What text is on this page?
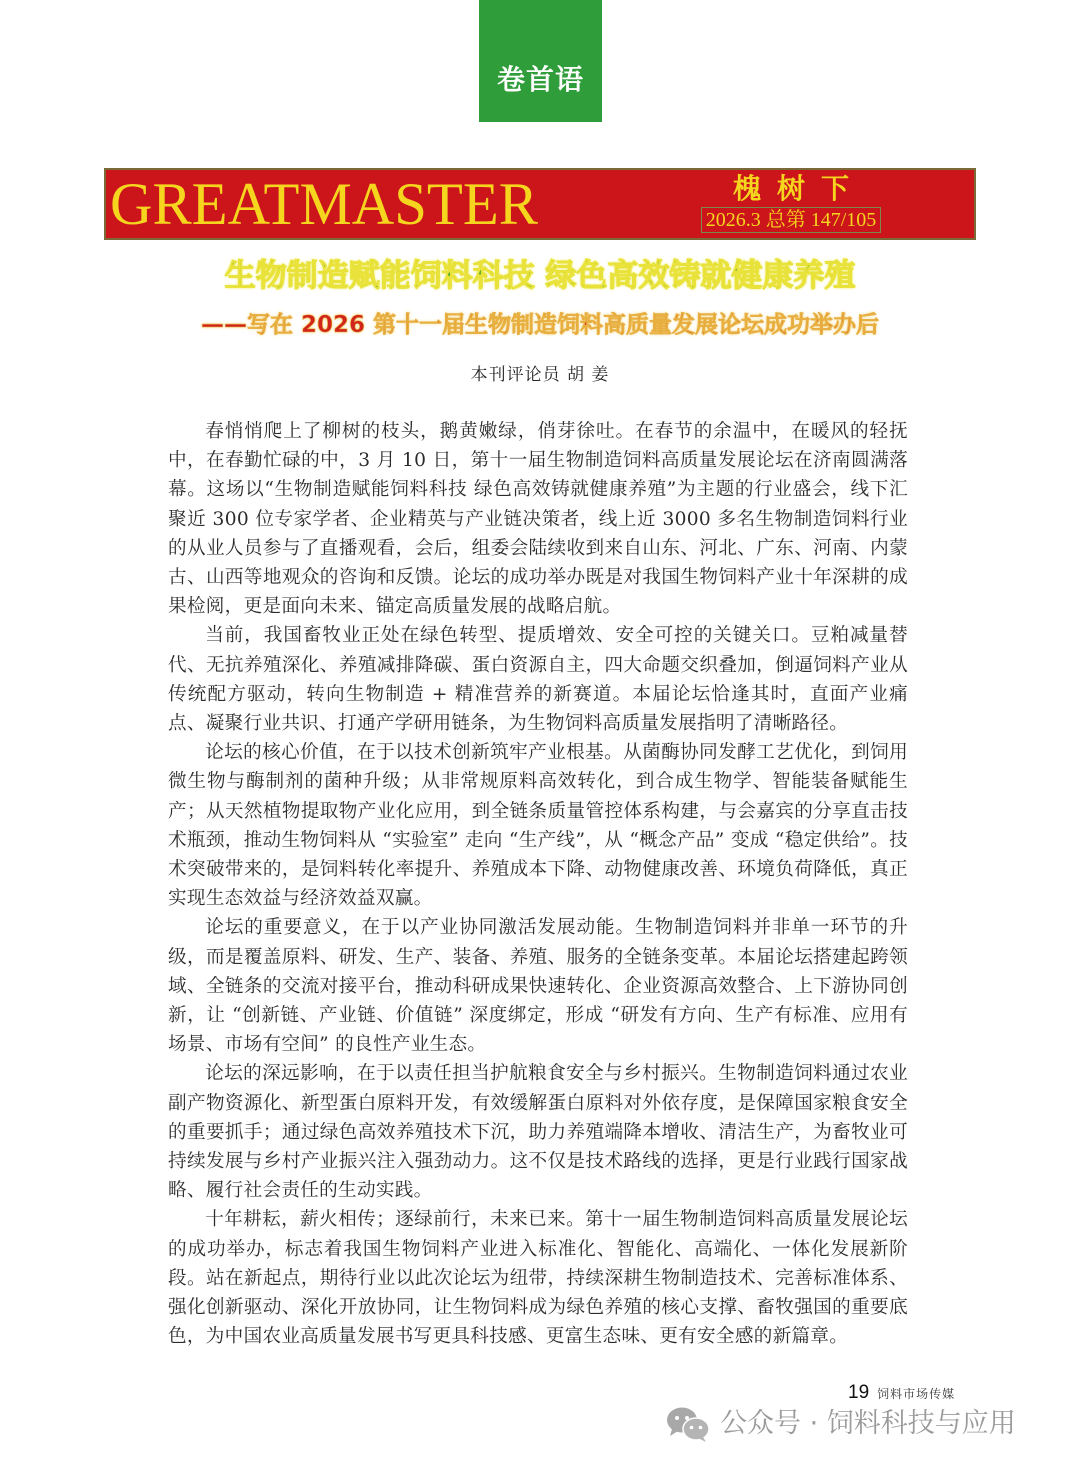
卷首语
GREATMASTER	槐树下
2026.3 总第 147/105
生物制造赋能饲料科技 绿色高效铸就健康养殖
——写在 2026 第十一届生物制造饲料高质量发展论坛成功举办后
本刊评论员 胡 姜

春悄悄爬上了柳树的枝头，鹅黄嫩绿，俏芽徐吐。在春节的余温中，在暖风的轻抚中，在春勤忙碌的中，3 月 10 日，第十一届生物制造饲料高质量发展论坛在济南圆满落幕。这场以“生物制造赋能饲料科技 绿色高效铸就健康养殖”为主题的行业盛会，线下汇聚近 300 位专家学者、企业精英与产业链决策者，线上近 3000 多名生物制造饲料行业的从业人员参与了直播观看，会后，组委会陆续收到来自山东、河北、广东、河南、内蒙古、山西等地观众的咨询和反馈。论坛的成功举办既是对我国生物饲料产业十年深耕的成果检阅，更是面向未来、锚定高质量发展的战略启航。

当前，我国畜牧业正处在绿色转型、提质增效、安全可控的关键关口。豆粕减量替代、无抗养殖深化、养殖减排降碳、蛋白资源自主，四大命题交织叠加，倒逼饲料产业从传统配方驱动，转向生物制造 + 精准营养的新赛道。本届论坛恰逢其时，直面产业痛点、凝聚行业共识、打通产学研用链条，为生物饲料高质量发展指明了清晰路径。

论坛的核心价值，在于以技术创新筑牢产业根基。从菌酶协同发酵工艺优化，到饲用微生物与酶制剂的菌种升级；从非常规原料高效转化，到合成生物学、智能装备赋能生产；从天然植物提取物产业化应用，到全链条质量管控体系构建，与会嘉宾的分享直击技术瓶颈，推动生物饲料从 “实验室” 走向 “生产线”，从 “概念产品” 变成 “稳定供给”。技术突破带来的，是饲料转化率提升、养殖成本下降、动物健康改善、环境负荷降低，真正实现生态效益与经济效益双赢。

论坛的重要意义，在于以产业协同激活发展动能。生物制造饲料并非单一环节的升级，而是覆盖原料、研发、生产、装备、养殖、服务的全链条变革。本届论坛搭建起跨领域、全链条的交流对接平台，推动科研成果快速转化、企业资源高效整合、上下游协同创新，让 “创新链、产业链、价值链” 深度绑定，形成 “研发有方向、生产有标准、应用有场景、市场有空间” 的良性产业生态。

论坛的深远影响，在于以责任担当护航粮食安全与乡村振兴。生物制造饲料通过农业副产物资源化、新型蛋白原料开发，有效缓解蛋白原料对外依存度，是保障国家粮食安全的重要抓手；通过绿色高效养殖技术下沉，助力养殖端降本增收、清洁生产，为畜牧业可持续发展与乡村产业振兴注入强劲动力。这不仅是技术路线的选择，更是行业践行国家战略、履行社会责任的生动实践。

十年耕耘，薪火相传；逐绿前行，未来已来。第十一届生物制造饲料高质量发展论坛的成功举办，标志着我国生物饲料产业进入标准化、智能化、高端化、一体化发展新阶段。站在新起点，期待行业以此次论坛为纽带，持续深耕生物制造技术、完善标准体系、强化创新驱动、深化开放协同，让生物饲料成为绿色养殖的核心支撑、畜牧强国的重要底色，为中国农业高质量发展书写更具科技感、更富生态味、更有安全感的新篇章。

19 饲料市场传媒
公众号 · 饲料科技与应用
